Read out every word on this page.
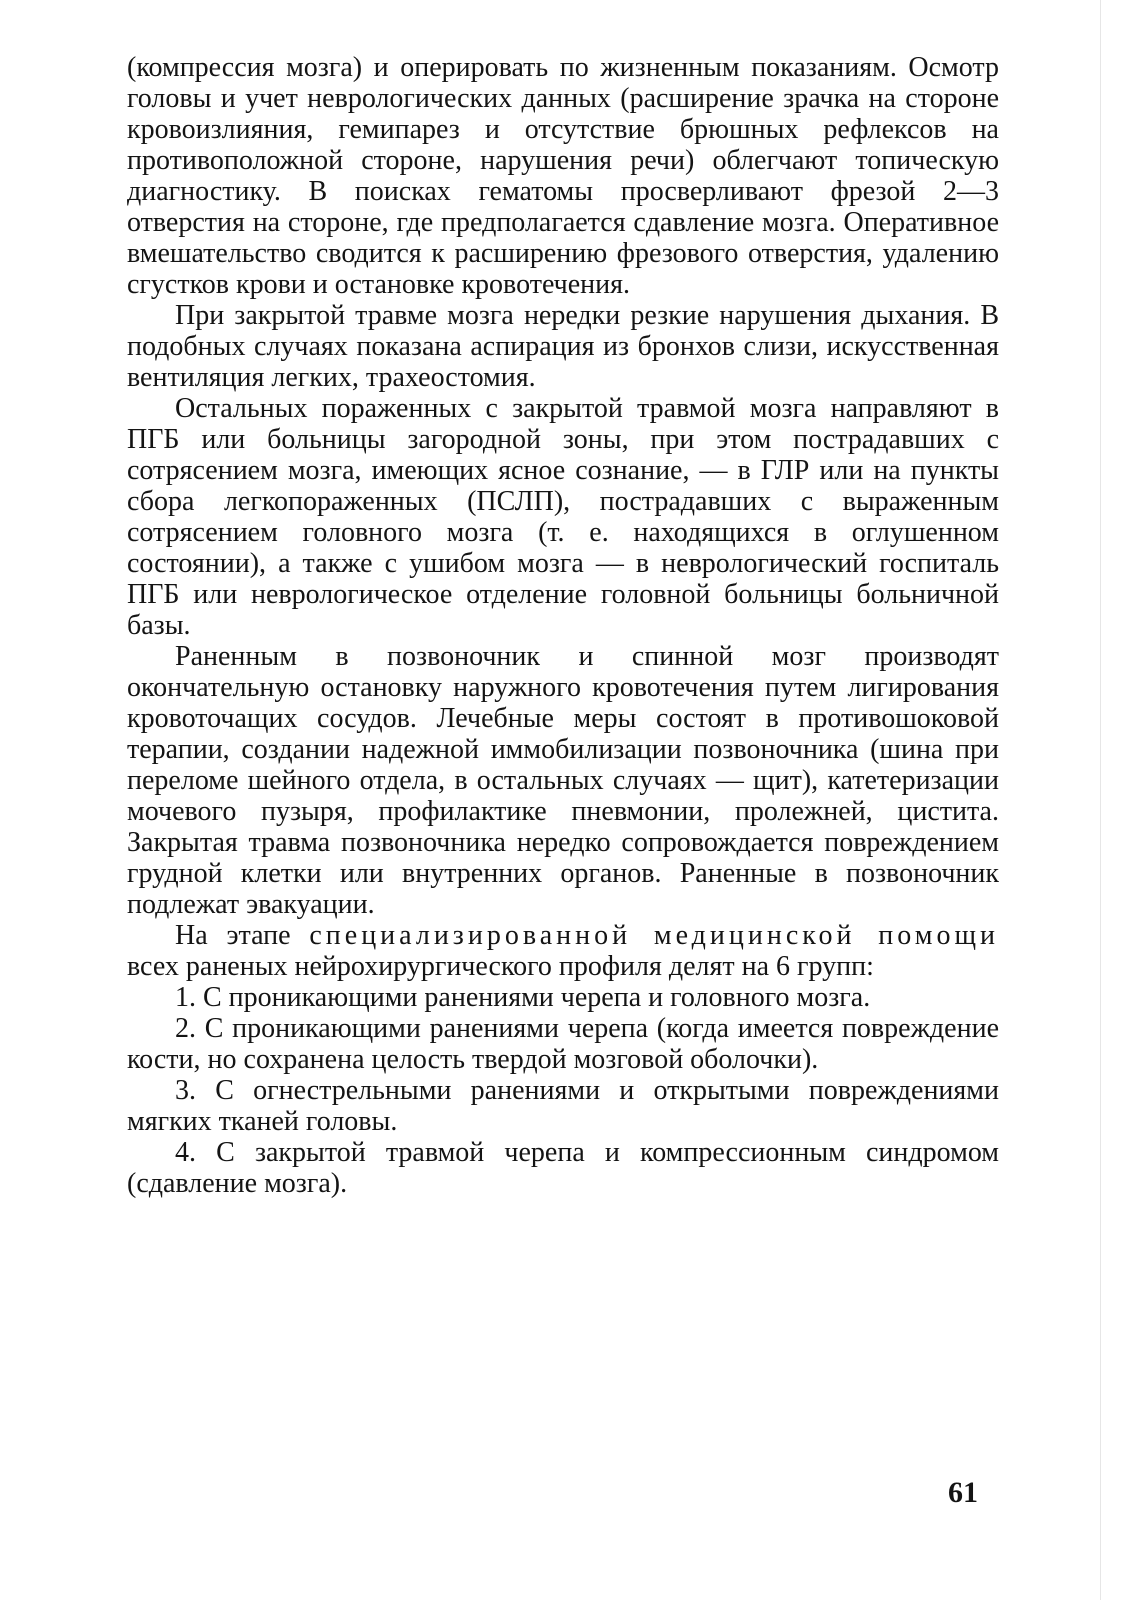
(компрессия мозга) и оперировать по жизненным показаниям. Осмотр головы и учет неврологических данных (расширение зрачка на стороне кровоизлияния, гемипарез и отсутствие брюшных рефлексов на противоположной стороне, нарушения речи) облегчают топическую диагностику. В поисках гематомы просверливают фрезой 2—3 отверстия на стороне, где предполагается сдавление мозга. Оперативное вмешательство сводится к расширению фрезового отверстия, удалению сгустков крови и остановке кровотечения.

При закрытой травме мозга нередки резкие нарушения дыхания. В подобных случаях показана аспирация из бронхов слизи, искусственная вентиляция легких, трахеостомия.

Остальных пораженных с закрытой травмой мозга направляют в ПГБ или больницы загородной зоны, при этом пострадавших с сотрясением мозга, имеющих ясное сознание, — в ГЛР или на пункты сбора легкопораженных (ПСЛП), пострадавших с выраженным сотрясением головного мозга (т. е. находящихся в оглушенном состоянии), а также с ушибом мозга — в неврологический госпиталь ПГБ или неврологическое отделение головной больницы больничной базы.

Раненным в позвоночник и спинной мозг производят окончательную остановку наружного кровотечения путем лигирования кровоточащих сосудов. Лечебные меры состоят в противошоковой терапии, создании надежной иммобилизации позвоночника (шина при переломе шейного отдела, в остальных случаях — щит), катетеризации мочевого пузыря, профилактике пневмонии, пролежней, цистита. Закрытая травма позвоночника нередко сопровождается повреждением грудной клетки или внутренних органов. Раненные в позвоночник подлежат эвакуации.

На этапе специализированной медицинской помощи всех раненых нейрохирургического профиля делят на 6 групп:

1. С проникающими ранениями черепа и головного мозга.

2. С проникающими ранениями черепа (когда имеется повреждение кости, но сохранена целость твердой мозговой оболочки).

3. С огнестрельными ранениями и открытыми повреждениями мягких тканей головы.

4. С закрытой травмой черепа и компрессионным синдромом (сдавление мозга).

61
